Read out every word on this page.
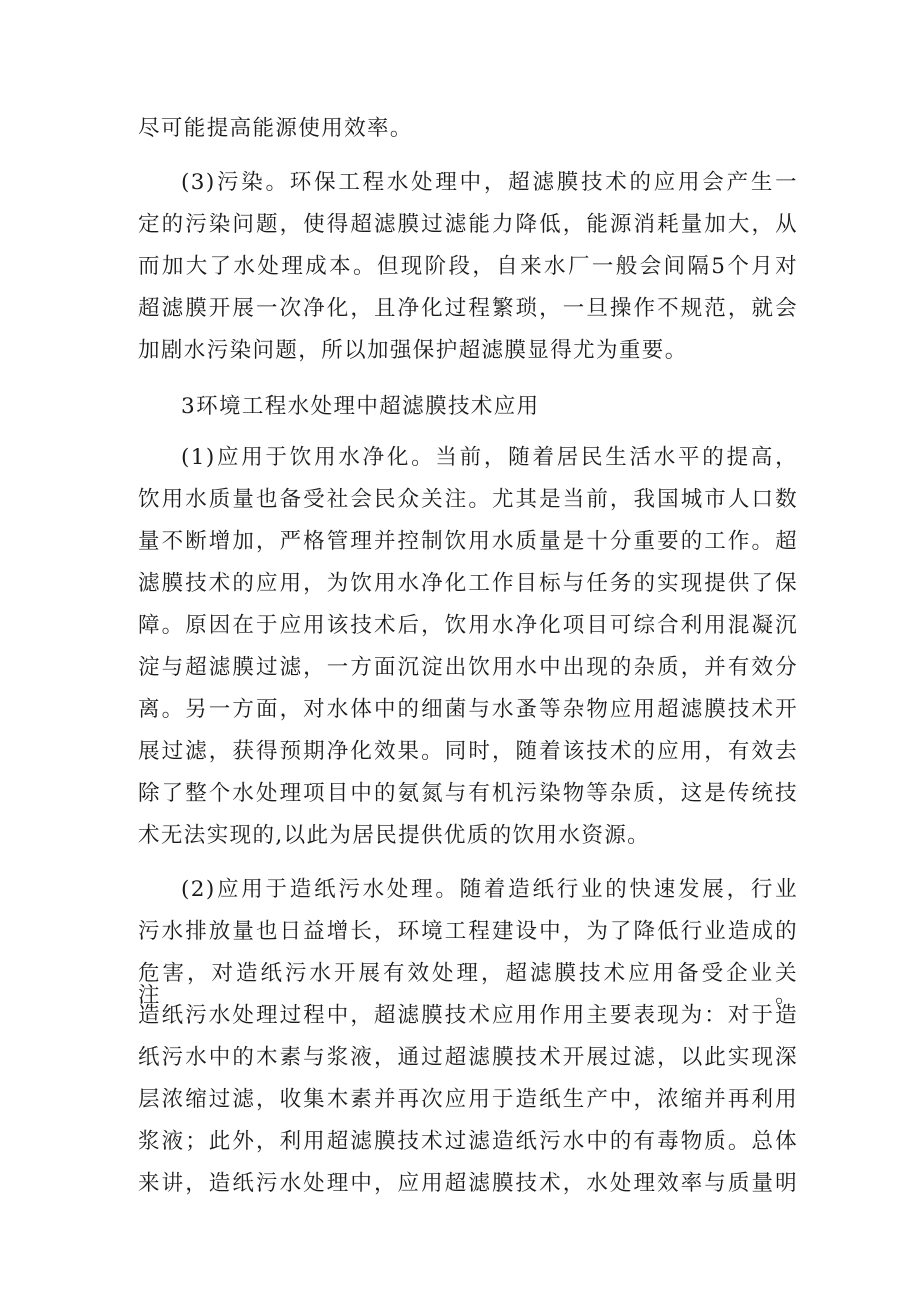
尽可能提高能源使用效率。
(3)污染。环保工程水处理中，超滤膜技术的应用会产生一
定的污染问题，使得超滤膜过滤能力降低，能源消耗量加大，从
而加大了水处理成本。但现阶段，自来水厂一般会间隔5个月对
超滤膜开展一次净化，且净化过程繁琐，一旦操作不规范，就会
加剧水污染问题，所以加强保护超滤膜显得尤为重要。
3环境工程水处理中超滤膜技术应用
(1)应用于饮用水净化。当前，随着居民生活水平的提高，
饮用水质量也备受社会民众关注。尤其是当前，我国城市人口数
量不断增加，严格管理并控制饮用水质量是十分重要的工作。超
滤膜技术的应用，为饮用水净化工作目标与任务的实现提供了保
障。原因在于应用该技术后，饮用水净化项目可综合利用混凝沉
淀与超滤膜过滤，一方面沉淀出饮用水中出现的杂质，并有效分
离。另一方面，对水体中的细菌与水蚤等杂物应用超滤膜技术开
展过滤，获得预期净化效果。同时，随着该技术的应用，有效去
除了整个水处理项目中的氨氮与有机污染物等杂质，这是传统技
术无法实现的,以此为居民提供优质的饮用水资源。
(2)应用于造纸污水处理。随着造纸行业的快速发展，行业
污水排放量也日益增长，环境工程建设中，为了降低行业造成的
危害，对造纸污水开展有效处理，超滤膜技术应用备受企业关注。
造纸污水处理过程中，超滤膜技术应用作用主要表现为：对于造
纸污水中的木素与浆液，通过超滤膜技术开展过滤，以此实现深
层浓缩过滤，收集木素并再次应用于造纸生产中，浓缩并再利用
浆液；此外，利用超滤膜技术过滤造纸污水中的有毒物质。总体
来讲，造纸污水处理中，应用超滤膜技术，水处理效率与质量明
